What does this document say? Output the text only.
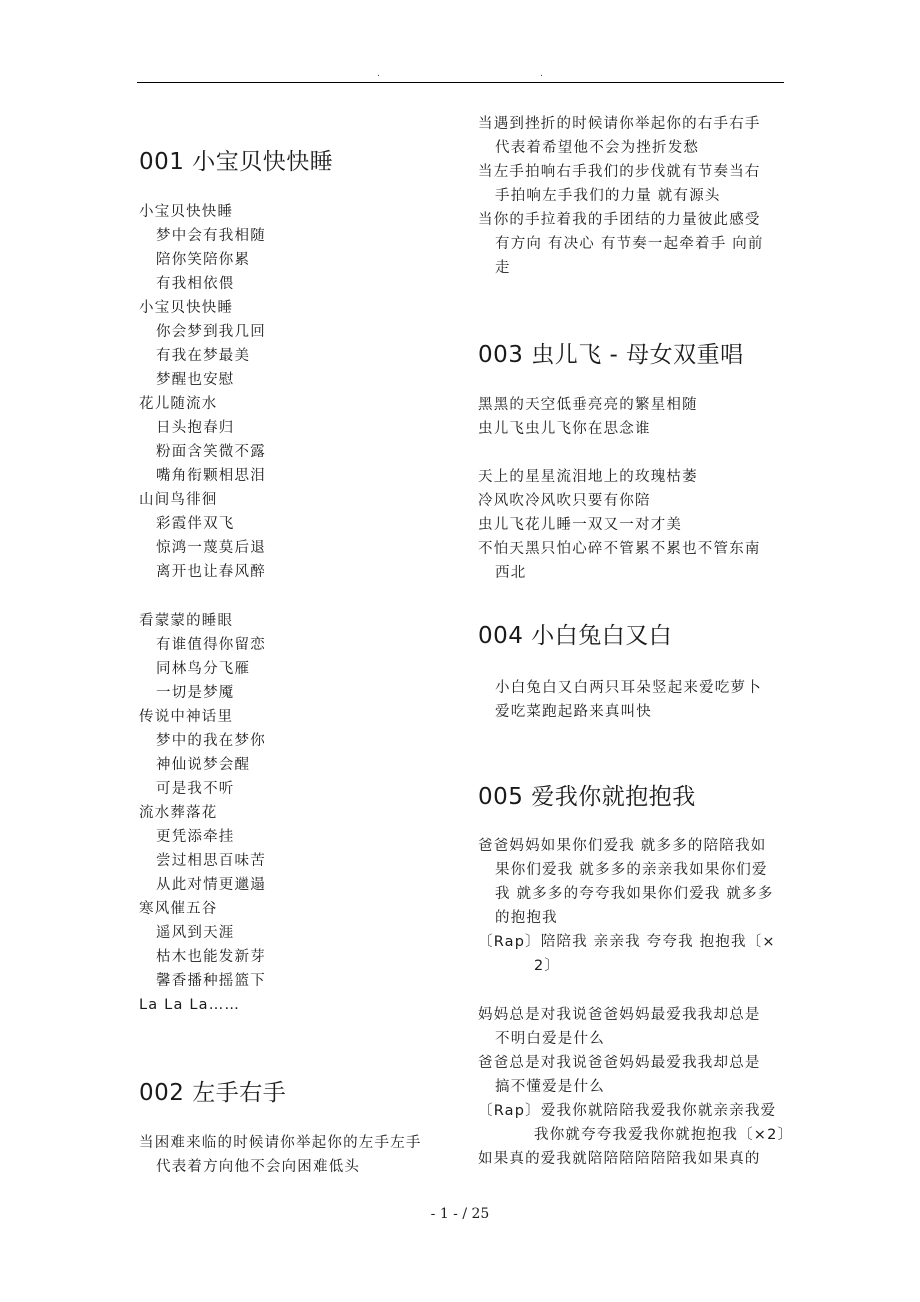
.	.
001 小宝贝快快睡
小宝贝快快睡
梦中会有我相随
陪你笑陪你累
有我相依偎
小宝贝快快睡
你会梦到我几回
有我在梦最美
梦醒也安慰
花儿随流水
日头抱春归
粉面含笑微不露
嘴角衔颗相思泪
山间鸟徘徊
彩霞伴双飞
惊鸿一蔑莫后退
离开也让春风醉
看蒙蒙的睡眼
有谁值得你留恋
同林鸟分飞雁
一切是梦魇
传说中神话里
梦中的我在梦你
神仙说梦会醒
可是我不听
流水葬落花
更凭添牵挂
尝过相思百味苦
从此对情更邋遢
寒风催五谷
遥风到天涯
枯木也能发新芽
馨香播种摇篮下
La La La……
002 左手右手
当困难来临的时候请你举起你的左手左手
代表着方向他不会向困难低头
当遇到挫折的时候请你举起你的右手右手
代表着希望他不会为挫折发愁
当左手拍响右手我们的步伐就有节奏当右
手拍响左手我们的力量 就有源头
当你的手拉着我的手团结的力量彼此感受
有方向 有决心 有节奏一起牵着手 向前
走
003 虫儿飞 - 母女双重唱
黑黑的天空低垂亮亮的繁星相随
虫儿飞虫儿飞你在思念谁
天上的星星流泪地上的玫瑰枯萎
冷风吹冷风吹只要有你陪
虫儿飞花儿睡一双又一对才美
不怕天黑只怕心碎不管累不累也不管东南
西北
004 小白兔白又白
小白兔白又白两只耳朵竖起来爱吃萝卜
爱吃菜跑起路来真叫快
005 爱我你就抱抱我
爸爸妈妈如果你们爱我 就多多的陪陪我如
果你们爱我 就多多的亲亲我如果你们爱
我 就多多的夸夸我如果你们爱我 就多多
的抱抱我
〔Rap〕陪陪我 亲亲我 夸夸我 抱抱我〔×
2〕
妈妈总是对我说爸爸妈妈最爱我我却总是
不明白爱是什么
爸爸总是对我说爸爸妈妈最爱我我却总是
搞不懂爱是什么
〔Rap〕爱我你就陪陪我爱我你就亲亲我爱
我你就夸夸我爱我你就抱抱我〔×2〕
如果真的爱我就陪陪陪陪陪陪我如果真的
- 1 - / 25
